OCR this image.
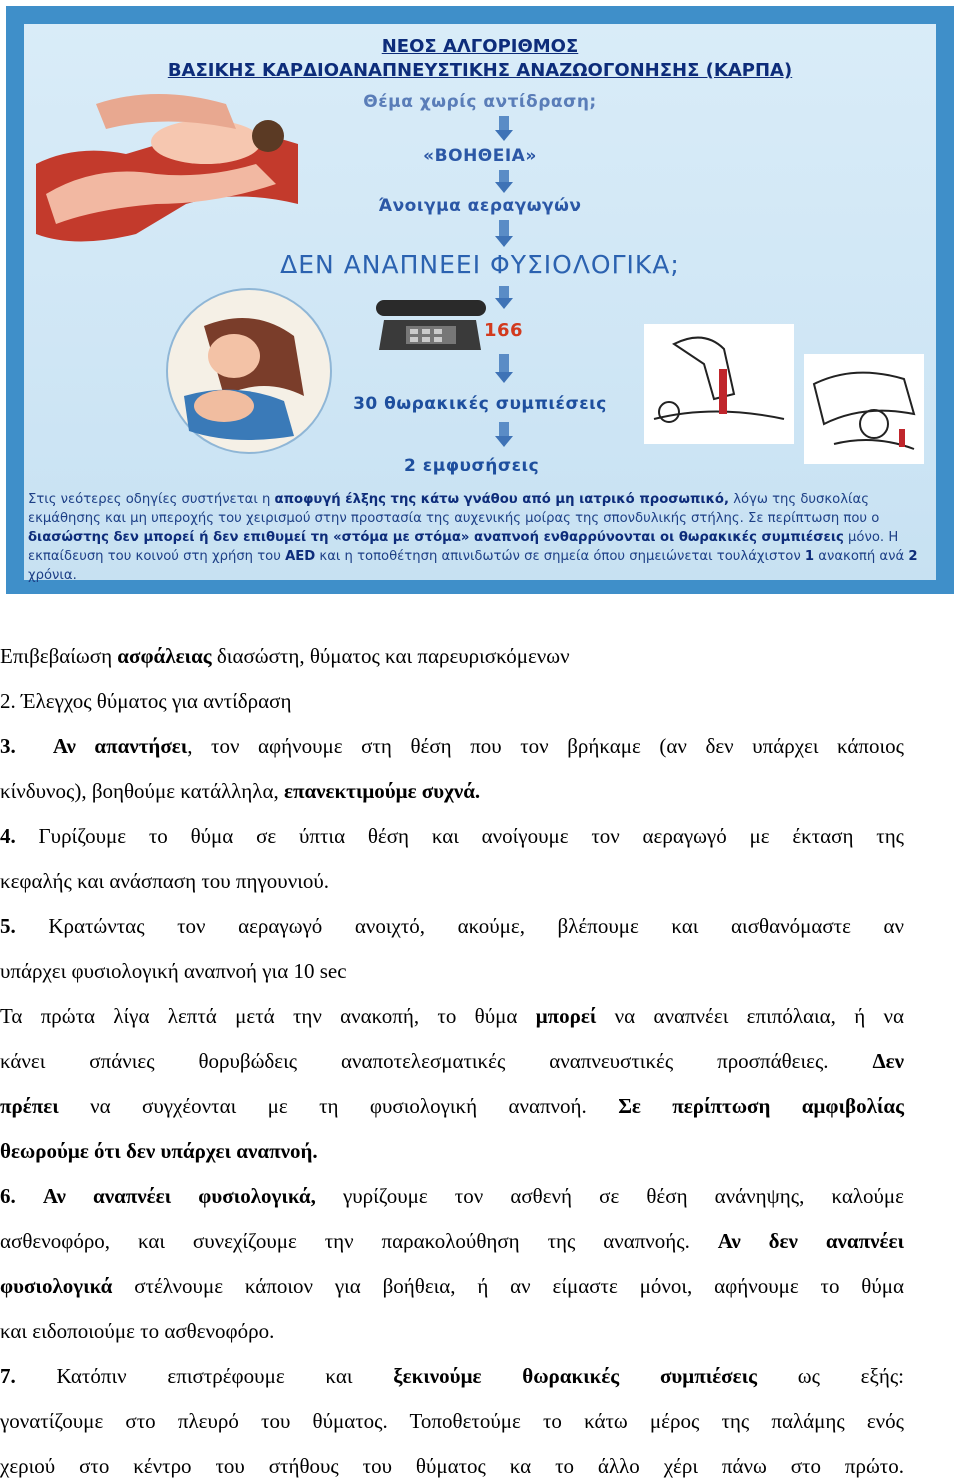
ΝΕΟΣ ΑΛΓΟΡΙΘΜΟΣ
ΒΑΣΙΚΗΣ ΚΑΡΔΙΟΑΝΑΠΝΕΥΣΤΙΚΗΣ ΑΝΑΖΩΟΓΟΝΗΣΗΣ (ΚΑΡΠΑ)
Θέμα χωρίς αντίδραση;
«ΒΟΗΘΕΙΑ»
Άνοιγμα αεραγωγών
ΔΕΝ ΑΝΑΠΝΕΕΙ ΦΥΣΙΟΛΟΓΙΚΑ;
166
30 θωρακικές συμπιέσεις
2 εμφυσήσεις
Στις νεότερες οδηγίες συστήνεται η αποφυγή έλξης της κάτω γνάθου από μη ιατρικό προσωπικό, λόγω της δυσκολίας εκμάθησης και μη υπεροχής του χειρισμού στην προστασία της αυχενικής μοίρας της σπονδυλικής στήλης. Σε περίπτωση που ο διασώστης δεν μπορεί ή δεν επιθυμεί τη «στόμα με στόμα» αναπνοή ενθαρρύνονται οι θωρακικές συμπιέσεις μόνο. Η εκπαίδευση του κοινού στη χρήση του AED και η τοποθέτηση απινιδωτών σε σημεία όπου σημειώνεται τουλάχιστον 1 ανακοπή ανά 2 χρόνια.
Επιβεβαίωση ασφάλειας διασώστη, θύματος και παρευρισκόμενων
2. Έλεγχος θύματος για αντίδραση
3. Αν απαντήσει, τον αφήνουμε στη θέση που τον βρήκαμε (αν δεν υπάρχει κάποιος
κίνδυνος), βοηθούμε κατάλληλα, επανεκτιμούμε συχνά.
4. Γυρίζουμε το θύμα σε ύπτια θέση και ανοίγουμε τον αεραγωγό με έκταση της
κεφαλής και ανάσπαση του πηγουνιού.
5. Κρατώντας τον αεραγωγό ανοιχτό, ακούμε, βλέπουμε και αισθανόμαστε αν
υπάρχει φυσιολογική αναπνοή για 10 sec
Τα πρώτα λίγα λεπτά μετά την ανακοπή, το θύμα μπορεί να αναπνέει επιπόλαια, ή να
κάνει σπάνιες θορυβώδεις αναποτελεσματικές αναπνευστικές προσπάθειες. Δεν
πρέπει να συγχέονται με τη φυσιολογική αναπνοή. Σε περίπτωση αμφιβολίας
θεωρούμε ότι δεν υπάρχει αναπνοή.
6. Αν αναπνέει φυσιολογικά, γυρίζουμε τον ασθενή σε θέση ανάνηψης, καλούμε
ασθενοφόρο, και συνεχίζουμε την παρακολούθηση της αναπνοής. Αν δεν αναπνέει
φυσιολογικά στέλνουμε κάποιον για βοήθεια, ή αν είμαστε μόνοι, αφήνουμε το θύμα
και ειδοποιούμε το ασθενοφόρο.
7. Κατόπιν επιστρέφουμε και ξεκινούμε θωρακικές συμπιέσεις ως εξής:
γονατίζουμε στο πλευρό του θύματος. Τοποθετούμε το κάτω μέρος της παλάμης ενός
χεριού στο κέντρο του στήθους του θύματος κα το άλλο χέρι πάνω στο πρώτο.
